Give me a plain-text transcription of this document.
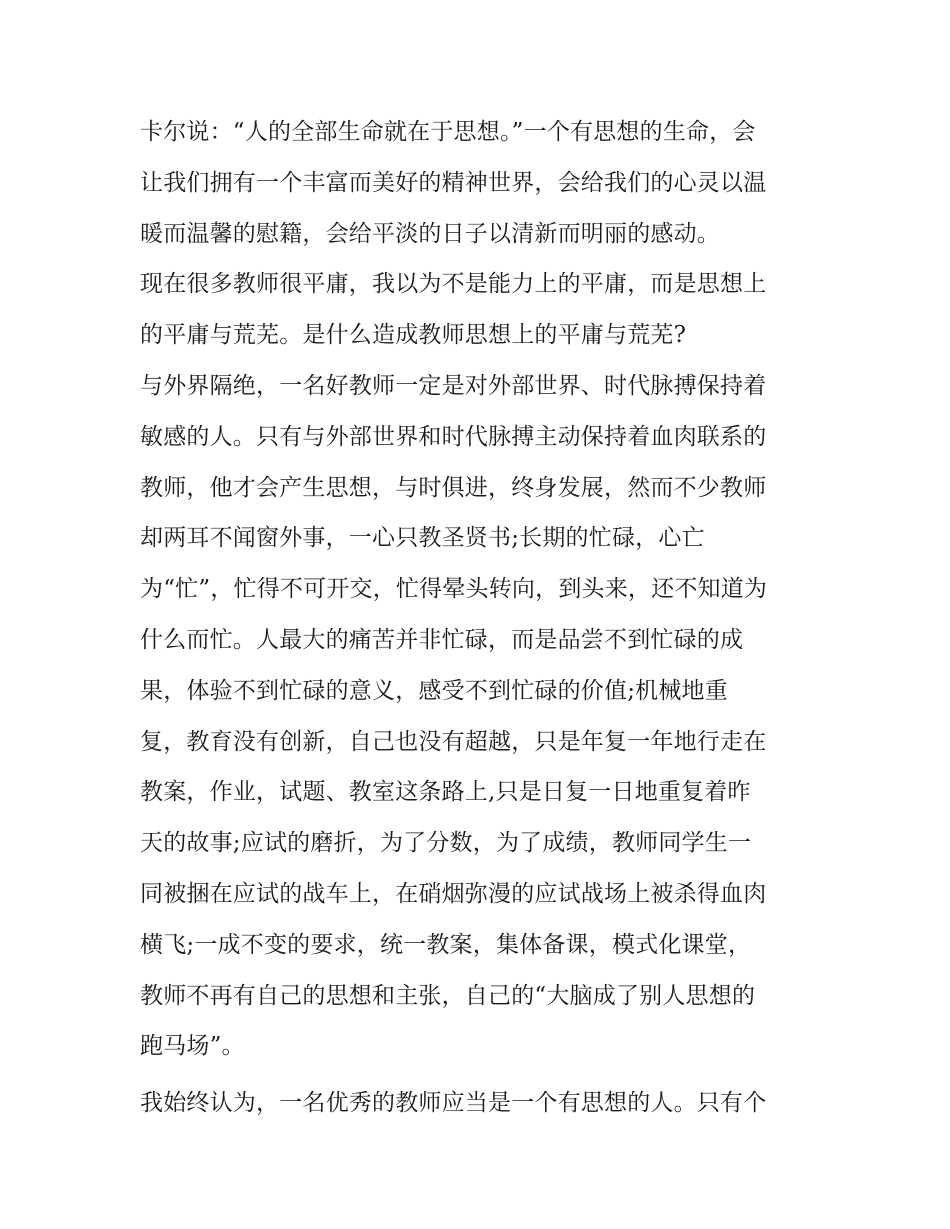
卡尔说：“人的全部生命就在于思想。”一个有思想的生命，会
让我们拥有一个丰富而美好的精神世界，会给我们的心灵以温
暖而温馨的慰籍，会给平淡的日子以清新而明丽的感动。
现在很多教师很平庸，我以为不是能力上的平庸，而是思想上
的平庸与荒芜。是什么造成教师思想上的平庸与荒芜?
与外界隔绝，一名好教师一定是对外部世界、时代脉搏保持着
敏感的人。只有与外部世界和时代脉搏主动保持着血肉联系的
教师，他才会产生思想，与时俱进，终身发展，然而不少教师
却两耳不闻窗外事，一心只教圣贤书;长期的忙碌，心亡
为“忙”，忙得不可开交，忙得晕头转向，到头来，还不知道为
什么而忙。人最大的痛苦并非忙碌，而是品尝不到忙碌的成
果，体验不到忙碌的意义，感受不到忙碌的价值;机械地重
复，教育没有创新，自己也没有超越，只是年复一年地行走在
教案，作业，试题、教室这条路上,只是日复一日地重复着昨
天的故事;应试的磨折，为了分数，为了成绩，教师同学生一
同被捆在应试的战车上，在硝烟弥漫的应试战场上被杀得血肉
横飞;一成不变的要求，统一教案，集体备课，模式化课堂，
教师不再有自己的思想和主张，自己的“大脑成了别人思想的
跑马场”。
我始终认为，一名优秀的教师应当是一个有思想的人。只有个
